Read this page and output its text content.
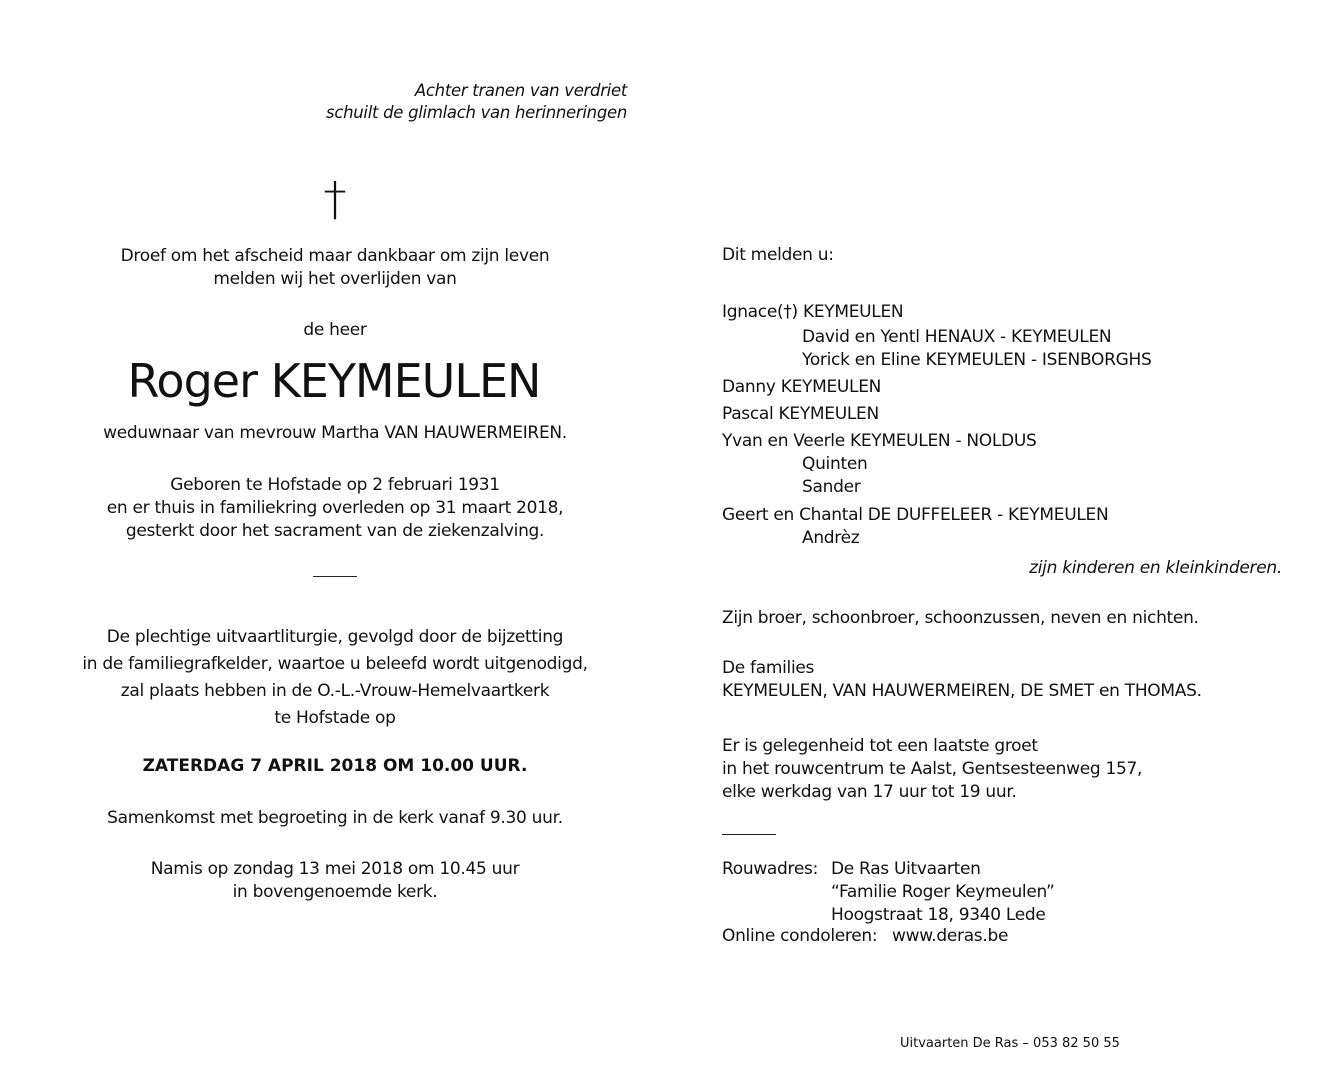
Achter tranen van verdriet
schuilt de glimlach van herinneringen
†
Droef om het afscheid maar dankbaar om zijn leven
melden wij het overlijden van
de heer
Roger KEYMEULEN
weduwnaar van mevrouw Martha VAN HAUWERMEIREN.
Geboren te Hofstade op 2 februari 1931
en er thuis in familiekring overleden op 31 maart 2018,
gesterkt door het sacrament van de ziekenzalving.
De plechtige uitvaartliturgie, gevolgd door de bijzetting
in de familiegrafkelder, waartoe u beleefd wordt uitgenodigd,
zal plaats hebben in de O.-L.-Vrouw-Hemelvaartkerk
te Hofstade op
ZATERDAG 7 APRIL 2018 OM 10.00 UUR.
Samenkomst met begroeting in de kerk vanaf 9.30 uur.
Namis op zondag 13 mei 2018 om 10.45 uur
in bovengenoemde kerk.
Dit melden u:
Ignace(†) KEYMEULEN
David en Yentl HENAUX - KEYMEULEN
Yorick en Eline KEYMEULEN - ISENBORGHS
Danny KEYMEULEN
Pascal KEYMEULEN
Yvan en Veerle KEYMEULEN - NOLDUS
Quinten
Sander
Geert en Chantal DE DUFFELEER - KEYMEULEN
Andrèz
zijn kinderen en kleinkinderen.
Zijn broer, schoonbroer, schoonzussen, neven en nichten.
De families
KEYMEULEN, VAN HAUWERMEIREN, DE SMET en THOMAS.
Er is gelegenheid tot een laatste groet
in het rouwcentrum te Aalst, Gentsesteenweg 157,
elke werkdag van 17 uur tot 19 uur.
Rouwadres: De Ras Uitvaarten
“Familie Roger Keymeulen”
Hoogstraat 18, 9340 Lede
Online condoleren: www.deras.be
Uitvaarten De Ras – 053 82 50 55
